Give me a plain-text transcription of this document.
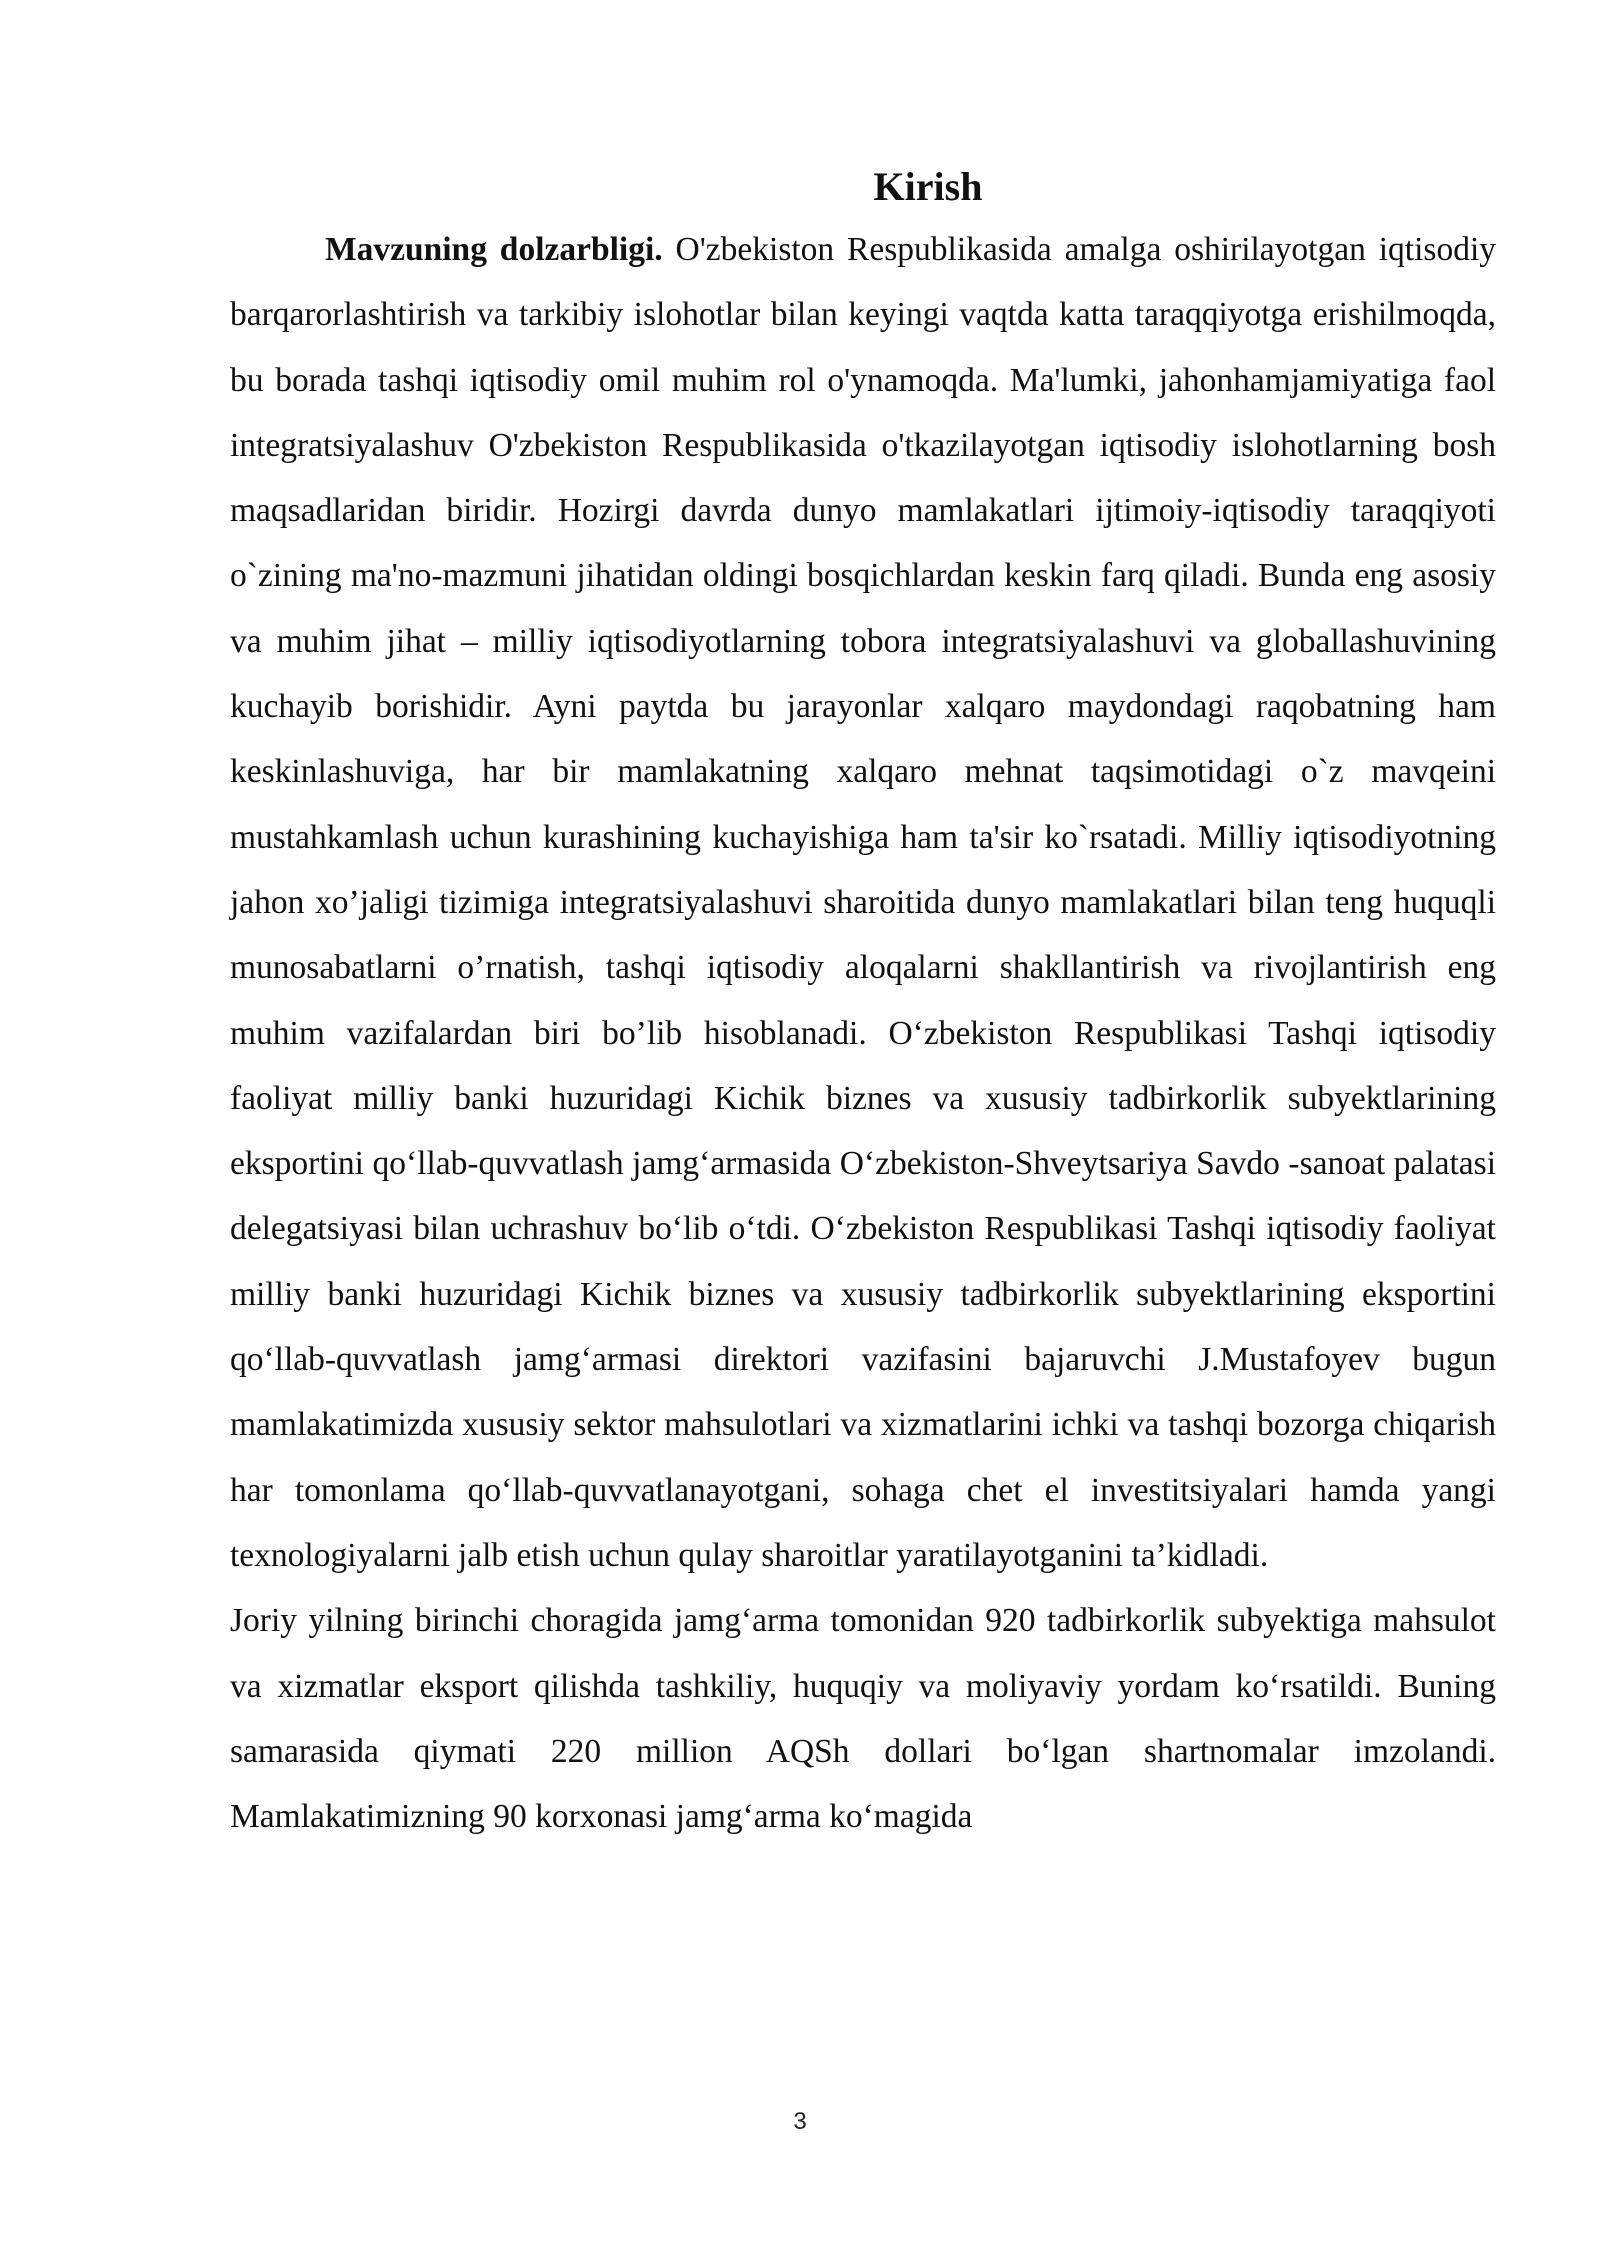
Kirish

Mavzuning dolzarbligi. O'zbekiston Respublikasida amalga oshirilayotgan iqtisodiy barqarorlashtirish va tarkibiy islohotlar bilan keyingi vaqtda katta taraqqiyotga erishilmoqda, bu borada tashqi iqtisodiy omil muhim rol o'ynamoqda. Ma'lumki, jahonhamjamiyatiga faol integratsiyalashuv O'zbekiston Respublikasida o'tkazilayotgan iqtisodiy islohotlarning bosh maqsadlaridan biridir. Hozirgi davrda dunyo mamlakatlari ijtimoiy-iqtisodiy taraqqiyoti o`zining ma'no-mazmuni jihatidan oldingi bosqichlardan keskin farq qiladi. Bunda eng asosiy va muhim jihat – milliy iqtisodiyotlarning tobora integratsiyalashuvi va globallashuvining kuchayib borishidir. Ayni paytda bu jarayonlar xalqaro maydondagi raqobatning ham keskinlashuviga, har bir mamlakatning xalqaro mehnat taqsimotidagi o`z mavqeini mustahkamlash uchun kurashining kuchayishiga ham ta'sir ko`rsatadi. Milliy iqtisodiyotning jahon xo’jaligi tizimiga integratsiyalashuvi sharoitida dunyo mamlakatlari bilan teng huquqli munosabatlarni o’rnatish, tashqi iqtisodiy aloqalarni shakllantirish va rivojlantirish eng muhim vazifalardan biri bo’lib hisoblanadi. O‘zbekiston Respublikasi Tashqi iqtisodiy faoliyat milliy banki huzuridagi Kichik biznes va xususiy tadbirkorlik subyektlarining eksportini qo‘llab-quvvatlash jamg‘armasida O‘zbekiston-Shveytsariya Savdo -sanoat palatasi delegatsiyasi bilan uchrashuv bo‘lib o‘tdi. O‘zbekiston Respublikasi Tashqi iqtisodiy faoliyat milliy banki huzuridagi Kichik biznes va xususiy tadbirkorlik subyektlarining eksportini qo‘llab-quvvatlash jamg‘armasi direktori vazifasini bajaruvchi J.Mustafoyev bugun mamlakatimizda xususiy sektor mahsulotlari va xizmatlarini ichki va tashqi bozorga chiqarish har tomonlama qo‘llab-quvvatlanayotgani, sohaga chet el investitsiyalari hamda yangi texnologiyalarni jalb etish uchun qulay sharoitlar yaratilayotganini ta’kidladi.

Joriy yilning birinchi choragida jamg‘arma tomonidan 920 tadbirkorlik subyektiga mahsulot va xizmatlar eksport qilishda tashkiliy, huquqiy va moliyaviy yordam ko‘rsatildi. Buning samarasida qiymati 220 million AQSh dollari bo‘lgan shartnomalar imzolandi. Mamlakatimizning 90 korxonasi jamg‘arma ko‘magida

3
